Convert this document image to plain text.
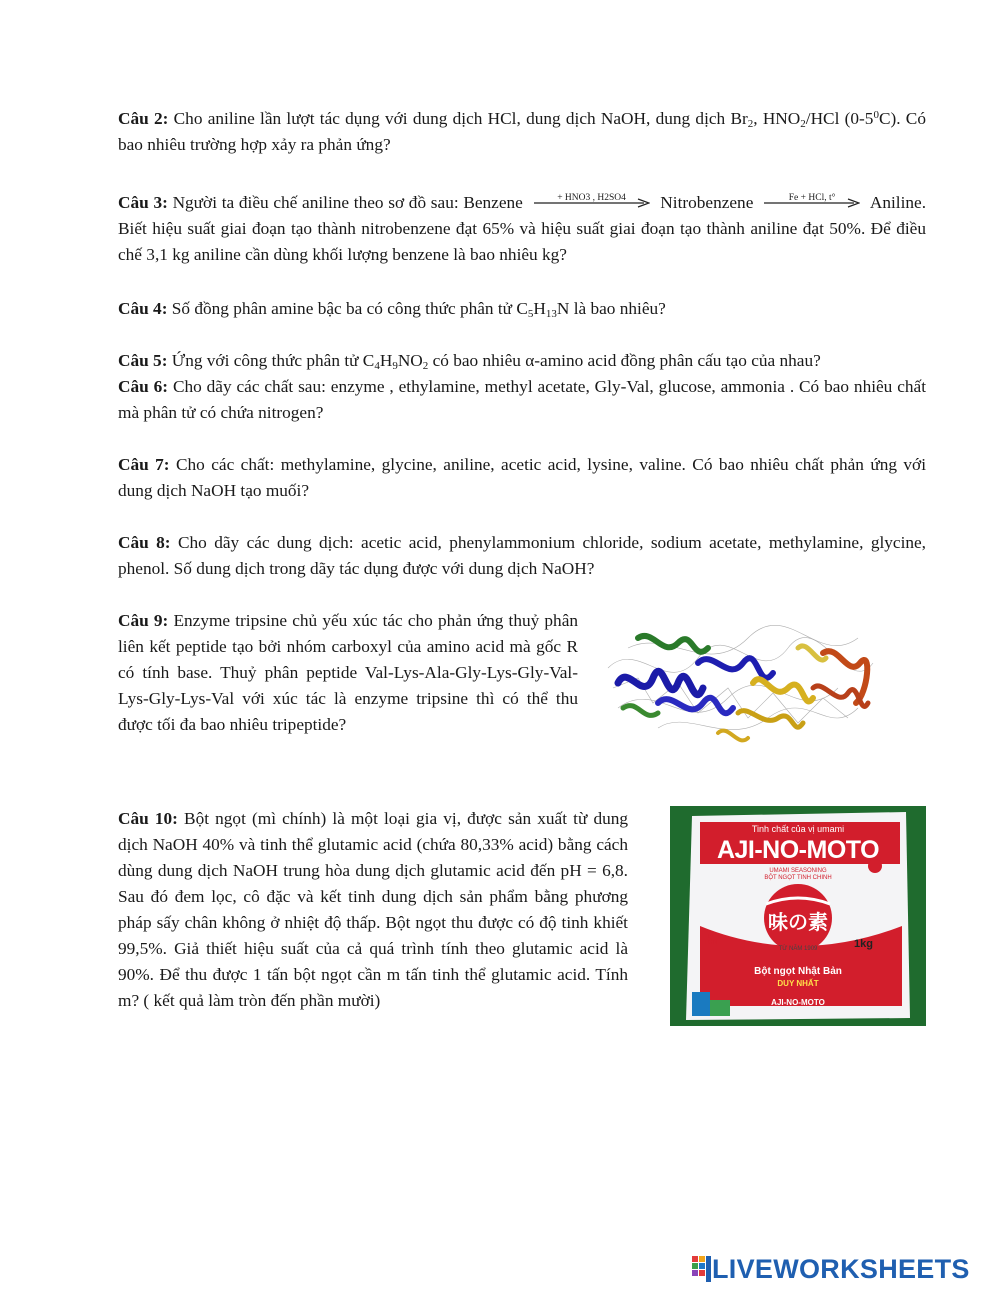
Câu 2: Cho aniline lần lượt tác dụng với dung dịch HCl, dung dịch NaOH, dung dịch $Br_2$, $HNO_2$/HCl $(0-5^0C)$. Có bao nhiêu trường hợp xảy ra phản ứng?
Câu 3: Người ta điều chế aniline theo sơ đồ sau: Benzene	+ HNO3 , H2SO4	Nitrobenzene	Fe + HCl, t°	Aniline. Biết hiệu suất giai đoạn tạo thành nitrobenzene đạt 65% và hiệu suất giai đoạn tạo thành aniline đạt 50%. Để điều chế 3,1 kg aniline cần dùng khối lượng benzene là bao nhiêu kg?
Câu 4: Số đồng phân amine bậc ba có công thức phân tử $C_5H_{13}N$ là bao nhiêu?
Câu 5: Ứng với công thức phân tử $C_4H_9NO_2$ có bao nhiêu α-amino acid đồng phân cấu tạo của nhau?
Câu 6: Cho dãy các chất sau: enzyme , ethylamine, methyl acetate, Gly-Val, glucose, ammonia . Có bao nhiêu chất mà phân tử có chứa nitrogen?
Câu 7: Cho các chất: methylamine, glycine, aniline, acetic acid, lysine, valine. Có bao nhiêu chất phản ứng với dung dịch NaOH tạo muối?
Câu 8: Cho dãy các dung dịch: acetic acid, phenylammonium chloride, sodium acetate, methylamine, glycine, phenol. Số dung dịch trong dãy tác dụng được với dung dịch NaOH?
Câu 9: Enzyme tripsine chủ yếu xúc tác cho phản ứng thuỷ phân liên kết peptide tạo bởi nhóm carboxyl của amino acid mà gốc R có tính base. Thuỷ phân peptide Val-Lys-Ala-Gly-Lys-Gly-Val-Lys-Gly-Lys-Val với xúc tác là enzyme tripsine thì có thể thu được tối đa bao nhiêu tripeptide?
Câu 10: Bột ngọt (mì chính) là một loại gia vị, được sản xuất từ dung dịch NaOH 40% và tinh thể glutamic acid (chứa 80,33% acid) bằng cách dùng dung dịch NaOH trung hòa dung dịch glutamic acid đến pH = 6,8. Sau đó đem lọc, cô đặc và kết tinh dung dịch sản phẩm bằng phương pháp sấy chân không ở nhiệt độ thấp. Bột ngọt thu được có độ tinh khiết 99,5%. Giả thiết hiệu suất của cả quá trình tính theo glutamic acid là 90%. Để thu được 1 tấn bột ngọt cần m tấn tinh thể glutamic acid. Tính m? ( kết quả làm tròn đến phần mười)
Tinh chất của vị umami
AJI-NO-MOTO
UMAMI SEASONING
BỘT NGỌT TINH CHINH
味の素
HẠT LỚN	1kg
TỪ NĂM 1909
Bột ngọt Nhật Bản
DUY NHẤT
AJI-NO-MOTO
LIVEWORKSHEETS
